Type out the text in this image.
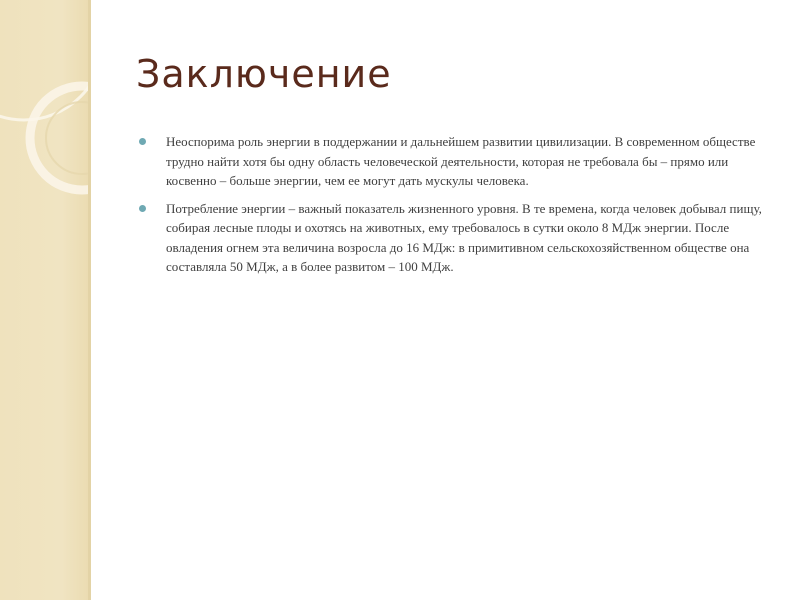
Заключение
Неоспорима роль энергии в поддержании и дальнейшем развитии цивилизации. В современном обществе трудно найти хотя бы одну область человеческой деятельности, которая не требовала бы – прямо или косвенно – больше энергии, чем ее могут дать мускулы человека.
Потребление энергии – важный показатель жизненного уровня. В те времена, когда человек добывал пищу, собирая лесные плоды и охотясь на животных, ему требовалось в сутки около 8 МДж энергии. После овладения огнем эта величина возросла до 16 МДж: в примитивном сельскохозяйственном обществе она составляла 50 МДж, а в более развитом – 100 МДж.
